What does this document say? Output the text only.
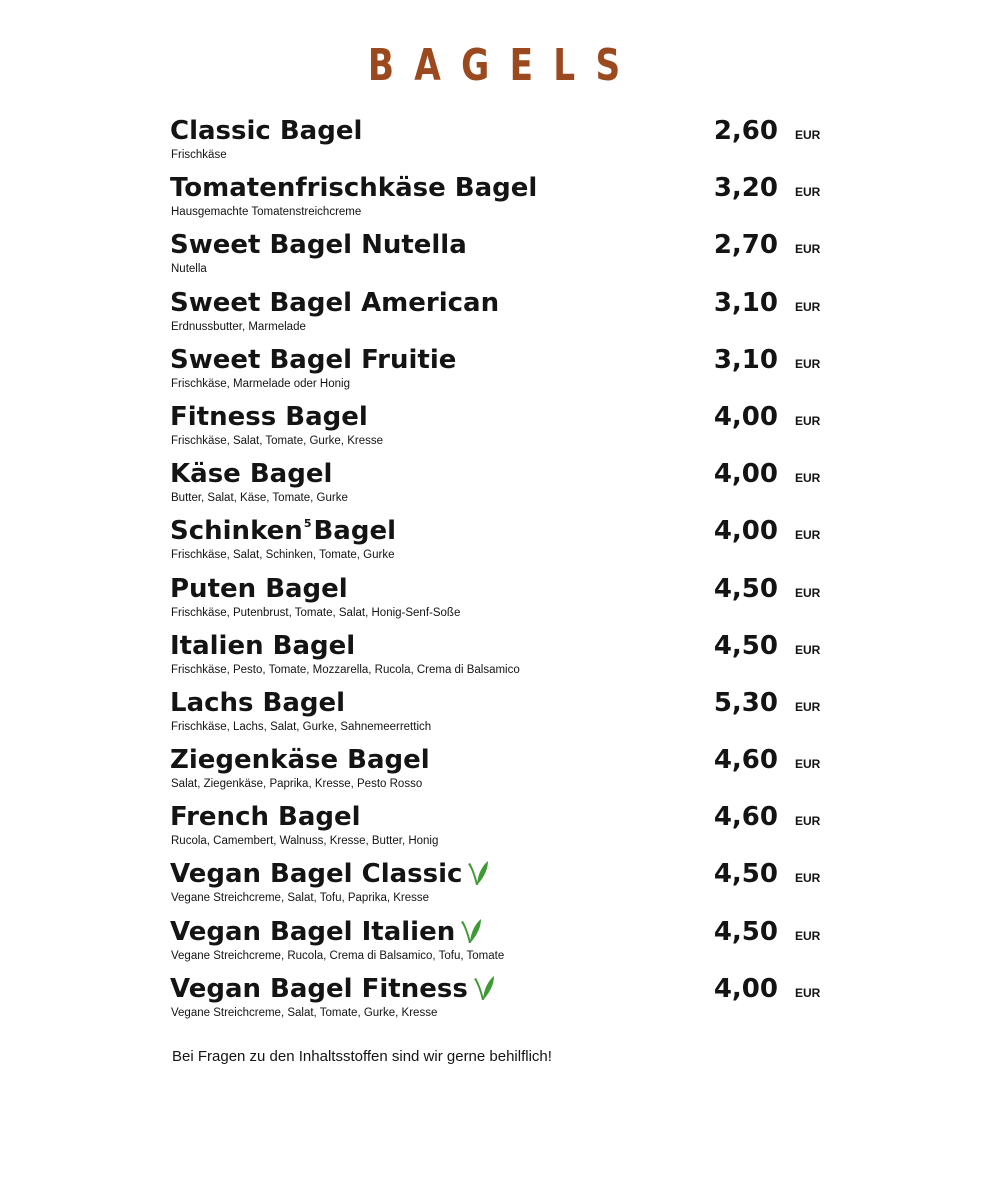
BAGELS
Classic Bagel
Frischkäse
2,60 EUR
Tomatenfrischkäse Bagel
Hausgemachte Tomatenstreichcreme
3,20 EUR
Sweet Bagel Nutella
Nutella
2,70 EUR
Sweet Bagel American
Erdnussbutter, Marmelade
3,10 EUR
Sweet Bagel Fruitie
Frischkäse, Marmelade oder Honig
3,10 EUR
Fitness Bagel
Frischkäse, Salat, Tomate, Gurke, Kresse
4,00 EUR
Käse Bagel
Butter, Salat, Käse, Tomate, Gurke
4,00 EUR
Schinken$^5$Bagel
Frischkäse, Salat, Schinken, Tomate, Gurke
4,00 EUR
Puten Bagel
Frischkäse, Putenbrust, Tomate, Salat, Honig-Senf-Soße
4,50 EUR
Italien Bagel
Frischkäse, Pesto, Tomate, Mozzarella, Rucola, Crema di Balsamico
4,50 EUR
Lachs Bagel
Frischkäse, Lachs, Salat, Gurke, Sahnemeerrettich
5,30 EUR
Ziegenkäse Bagel
Salat, Ziegenkäse, Paprika, Kresse, Pesto Rosso
4,60 EUR
French Bagel
Rucola, Camembert, Walnuss, Kresse, Butter, Honig
4,60 EUR
Vegan Bagel Classic
Vegane Streichcreme, Salat, Tofu, Paprika, Kresse
4,50 EUR
Vegan Bagel Italien
Vegane Streichcreme, Rucola, Crema di Balsamico, Tofu, Tomate
4,50 EUR
Vegan Bagel Fitness
Vegane Streichcreme, Salat, Tomate, Gurke, Kresse
4,00 EUR
Bei Fragen zu den Inhaltsstoffen sind wir gerne behilflich!
